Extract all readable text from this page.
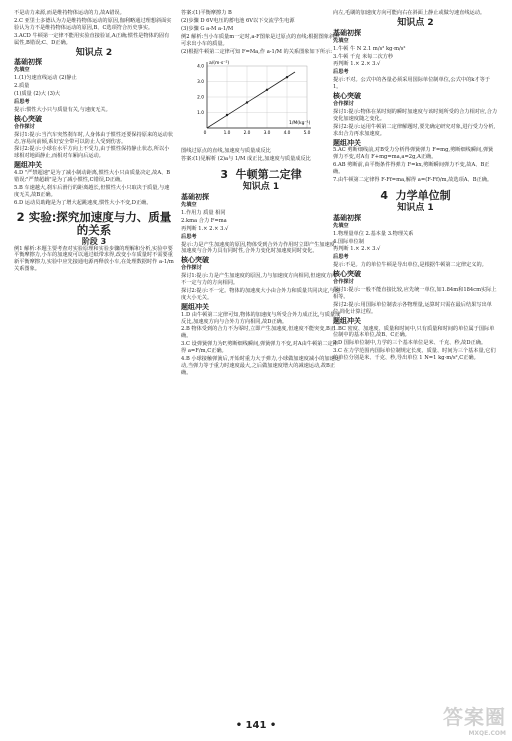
不是动力来源,而是维持物体运动的力,故A错误。

2.C 亚里士多德认为力是维持物体运动的原因,伽利略通过理想斜面实验认为力不是维持物体运动的原因,B、C选项符合历史事实。

3.ACD 牛顿第一定律不能用实验直接验证,A正确;惯性是物体的固有属性,B错误;C、D正确。

知识点 2
基础初探
先填空

1.(1)匀速直线运动 (2)静止

2.质量

(1)质量 (2)大 (3)大

后思考

提示:惯性大小只与质量有关,与速度无关。

核心突破
合作探讨

探讨1:提示:当汽车突然刹车时,人身体由于惯性还要保持原来的运动状态,容易向前倾,系好安全带可以防止人受到伤害。

探讨2:提示:小球在水平方向上不受力,由于惯性保持静止状态,所以小球相对地面静止,而相对车厢向后运动。

题组冲关

4.D "严禁超速"是为了减小制动距离,惯性大小只由质量决定,故A、B错误;"严禁超载"是为了减小惯性,C错误,D正确。

5.B 车速越大,刹车后滑行的距离越长,但惯性大小只取决于质量,与速度无关,故B正确。

6.D 运动员助跑是为了增大起跳速度,惯性大小不变,D正确。

2 实验:探究加速度与力、质量的关系
阶段 3

例1 解析:本题主要考查对实验原理和实验步骤的理解和分析,实验中要平衡摩擦力,小车的加速度可以通过纸带求得,改变小车质量时不需要重新平衡摩擦力,实验中应先接通电源再释放小车,在处理数据时作 a-1/m 关系图象。

答案:(1)平衡摩擦力 B

(2)步骤 D 6V电压的蓄电池 6V以下交流学生电源

(3)步骤 G a-M a-1/M

例2 解析:当小车质量m一定时,a-F图象是过原点的直线;根据图象斜率可求出小车的质量。

(2)根据牛顿第二定律可知 F=Ma,作 a-1/M 的关系图象如下所示:

a/(m·s⁻²)
1/M(kg⁻¹)
0	1.0	2.0	3.0	4.0	5.0
1.0
2.0
3.0
4.0

图线过原点的直线,加速度与质量成反比

答案:(1)见解析 (2)a与 1/M 成正比,加速度与质量成反比

3 牛顿第二定律
知识点 1
基础初探
先填空

1.作用力 质量 相同

2.kma 合力 F=ma

再判断 1.× 2.× 3.√

后思考

提示:力是产生加速度的原因,物体受到合外力作用时立即产生加速度,加速度与合外力具有同时性,合外力变化时加速度同时变化。

核心突破
合作探讨

探讨1:提示:力是产生加速度的原因,力与加速度方向相同,但速度方向不一定与力的方向相同。

探讨2:提示:不一定。物体的加速度大小由合外力和质量共同决定,与速度大小无关。

题组冲关

1.D 由牛顿第二定律可知,物体的加速度与所受合外力成正比,与质量成反比,加速度方向与合外力方向相同,故D正确。

2.B 物体受到的合力不为零时,立即产生加速度,但速度不能突变,B正确。

3.C 设弹簧弹力为F,剪断细线瞬间,弹簧弹力不变,对A由牛顿第二定律得 a=F/m,C正确。

4.B 小球接触弹簧后,开始时重力大于弹力,小球做加速度减小的加速运动,当弹力等于重力时速度最大,之后做加速度增大的减速运动,故B正确。

向左,毛刷的加速度方向可能向右在斜面上静止或做匀速直线运动。

知识点 2
基础初探
先填空

1.牛顿 牛 N 2.1 m/s² kg·m/s²

3.牛顿 千克 米每二次方秒

再判断 1.× 2.× 3.√

后思考

提示:不对。公式中的各量必须采用国际单位制单位,公式中的k才等于1。

核心突破
合作探讨

探讨1:提示:物体在某时刻的瞬时加速度与该时刻所受的合力相对应,合力变化加速度随之变化。

探讨2:提示:运用牛顿第二定律解题时,要先确定研究对象,进行受力分析,求出合力再求加速度。

题组冲关

5.AC 剪断细线前,对B受力分析得弹簧弹力 F=mg,剪断细线瞬间,弹簧弹力不变,对A有 F+mg=ma,a=2g,A正确。

6.AB 剪断前,由平衡条件得弹力 F=kx,剪断瞬间弹力不变,故A、B正确。

7.由牛顿第二定律得 F-Ff=ma,解得 a=(F-Ff)/m,故选项A、B正确。

4 力学单位制
知识点 1
基础初探
先填空

1.物理量单位 2.基本量 3.物理关系

4.国际单位制

再判断 1.× 2.× 3.√

后思考

提示:不是。力的单位牛顿是导出单位,是根据牛顿第二定律定义的。

核心突破
合作探讨

探讨1:提示:一般不能直接比较,应先统一单位,如1.84m和184cm实际上相等。

探讨2:提示:用国际单位制表示各物理量,运算时只需在最后结果写出单位,简化计算过程。

题组冲关

1.BC 密度、加速度、质量和时间中,只有质量和时间的单位属于国际单位制中的基本单位,故B、C正确。

2.D 国际单位制中,力学的三个基本单位是米、千克、秒,故D正确。

3.C 在力学范围内国际单位制规定长度、质量、时间为三个基本量,它们的单位分别是米、千克、秒,导出单位 1 N=1 kg·m/s²,C正确。

• 141 •	答案圈
MXQE.COM
